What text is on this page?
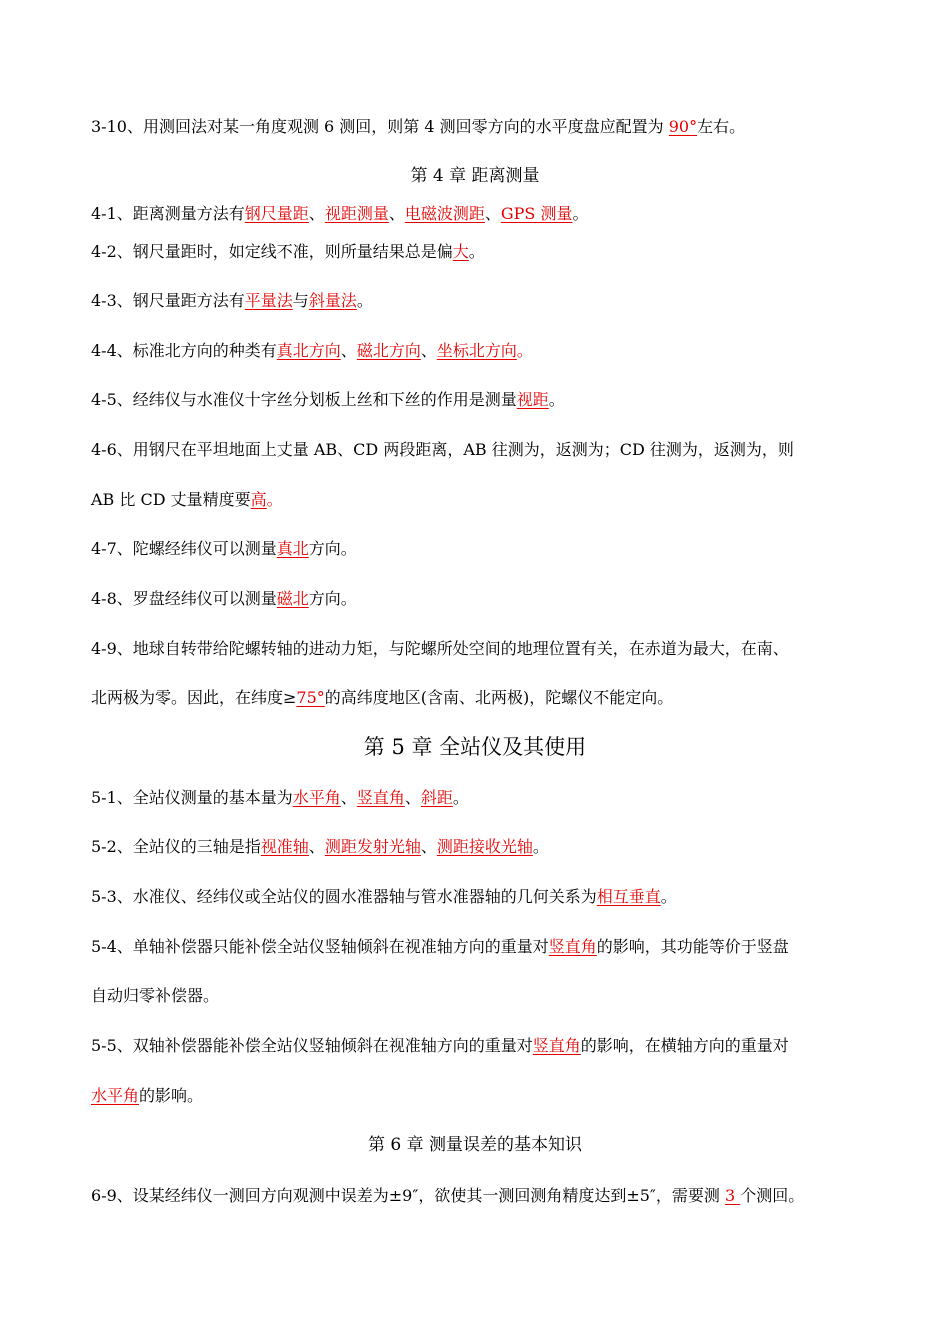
3-10、用测回法对某一角度观测 6 测回，则第 4 测回零方向的水平度盘应配置为 90°左右。
第 4 章 距离测量
4-1、距离测量方法有钢尺量距、视距测量、电磁波测距、GPS 测量。
4-2、钢尺量距时，如定线不准，则所量结果总是偏大。
4-3、钢尺量距方法有平量法与斜量法。
4-4、标准北方向的种类有真北方向、磁北方向、坐标北方向。
4-5、经纬仪与水准仪十字丝分划板上丝和下丝的作用是测量视距。
4-6、用钢尺在平坦地面上丈量 AB、CD 两段距离，AB 往测为，返测为；CD 往测为，返测为，则
AB 比 CD 丈量精度要高。
4-7、陀螺经纬仪可以测量真北方向。
4-8、罗盘经纬仪可以测量磁北方向。
4-9、地球自转带给陀螺转轴的进动力矩，与陀螺所处空间的地理位置有关，在赤道为最大，在南、
北两极为零。因此，在纬度≥75°的高纬度地区(含南、北两极)，陀螺仪不能定向。
第 5 章 全站仪及其使用
5-1、全站仪测量的基本量为水平角、竖直角、斜距。
5-2、全站仪的三轴是指视准轴、测距发射光轴、测距接收光轴。
5-3、水准仪、经纬仪或全站仪的圆水准器轴与管水准器轴的几何关系为相互垂直。
5-4、单轴补偿器只能补偿全站仪竖轴倾斜在视准轴方向的重量对竖直角的影响，其功能等价于竖盘
自动归零补偿器。
5-5、双轴补偿器能补偿全站仪竖轴倾斜在视准轴方向的重量对竖直角的影响，在横轴方向的重量对
水平角的影响。
第 6 章 测量误差的基本知识
6-9、设某经纬仪一测回方向观测中误差为±9″，欲使其一测回测角精度达到±5″，需要测 3 个测回。
